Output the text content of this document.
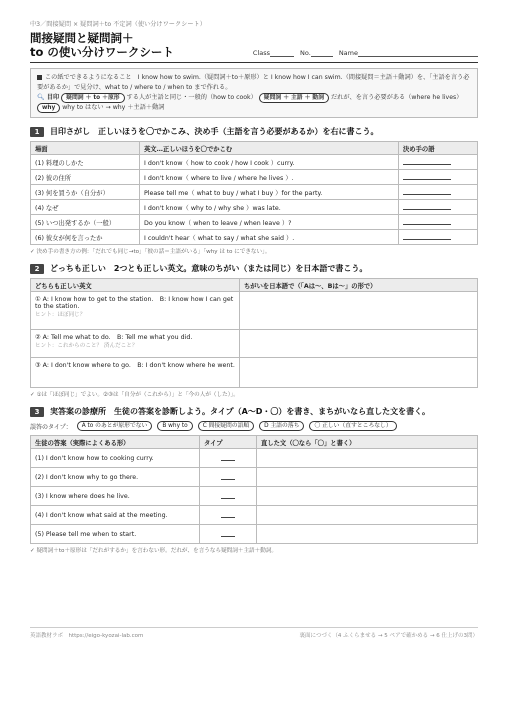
中3／間接疑問 × 疑問詞＋to 不定詞（使い分けワークシート）
間接疑問と疑問詞＋
to の使い分けワークシート	Class	No.	Name
この紙でできるようになること　I know how to swim.（疑問詞＋to＋原形）と I know how I can swim.（間接疑問＝主語＋動詞）を、「主語を言う必要があるか」で見分け、what to / where to / when to まで作れる。
🔍︎ 目印 疑問詞 ＋ to ＋原形 する人が主語と同じ・一般的（how to cook） 疑問詞 ＋ 主語 ＋ 動詞 だれが、を言う必要がある（where he lives） why why to はない → why ＋主語＋動詞
1	目印さがし　正しいほうを〇でかこみ、決め手（主語を言う必要があるか）を右に書こう。
場面	英文…正しいほうを〇でかこむ	決め手の語
(1) 料理のしかた	I don't know（ how to cook / how I cook ）curry.	
(2) 彼の住所	I don't know（ where to live / where he lives ）.	
(3) 何を買うか（自分が）	Please tell me（ what to buy / what I buy ）for the party.	
(4) なぜ	I don't know（ why to / why she ）was late.	
(5) いつ出発するか（一般）	Do you know（ when to leave / when leave ）?	
(6) 彼女が何を言ったか	I couldn't hear（ what to say / what she said ）.	
✓ 決め手の書き方の例：「だれでも同じ→to」「彼の話＝主語がいる」「why は to にできない」。
2	どっちも正しい　2つとも正しい英文。意味のちがい（または同じ）を日本語で書こう。
どちらも正しい英文	ちがいを日本語で（「Aは～、Bは～」の形で）

① A: I know how to get to the station.　B: I know how I can get to the station.
ヒント：ほぼ同じ？	

② A: Tell me what to do.　B: Tell me what you did.
ヒント：これからのこと？ 済んだこと？	

③ A: I don't know where to go.　B: I don't know where he went.	

✓ ①は「ほぼ同じ」でよい。②③は「自分が（これから）」と「今の人が（した）」。
3	実答案の診療所　生徒の答案を診断しよう。タイプ（A～D・〇）を書き、まちがいなら直した文を書く。
誤答のタイプ：	A to のあとが原形でない	B why to	C 間接疑問の語順	D 主語の落ち	〇 正しい（直すところなし）
生徒の答案（実際によくある形）	タイプ	直した文（〇なら「〇」と書く）
(1) I don't know how to cooking curry.		
(2) I don't know why to go there.		
(3) I know where does he live.		
(4) I don't know what said at the meeting.		
(5) Please tell me when to start.		
✓ 疑問詞＋to＋原形は「だれがするか」を言わない形。だれが、を言うなら疑問詞＋主語＋動詞。
英語教材ラボ　https://eigo-kyozai-lab.com	裏面につづく（4 ふくらませる → 5 ペアで確かめる → 6 仕上げの3問）
